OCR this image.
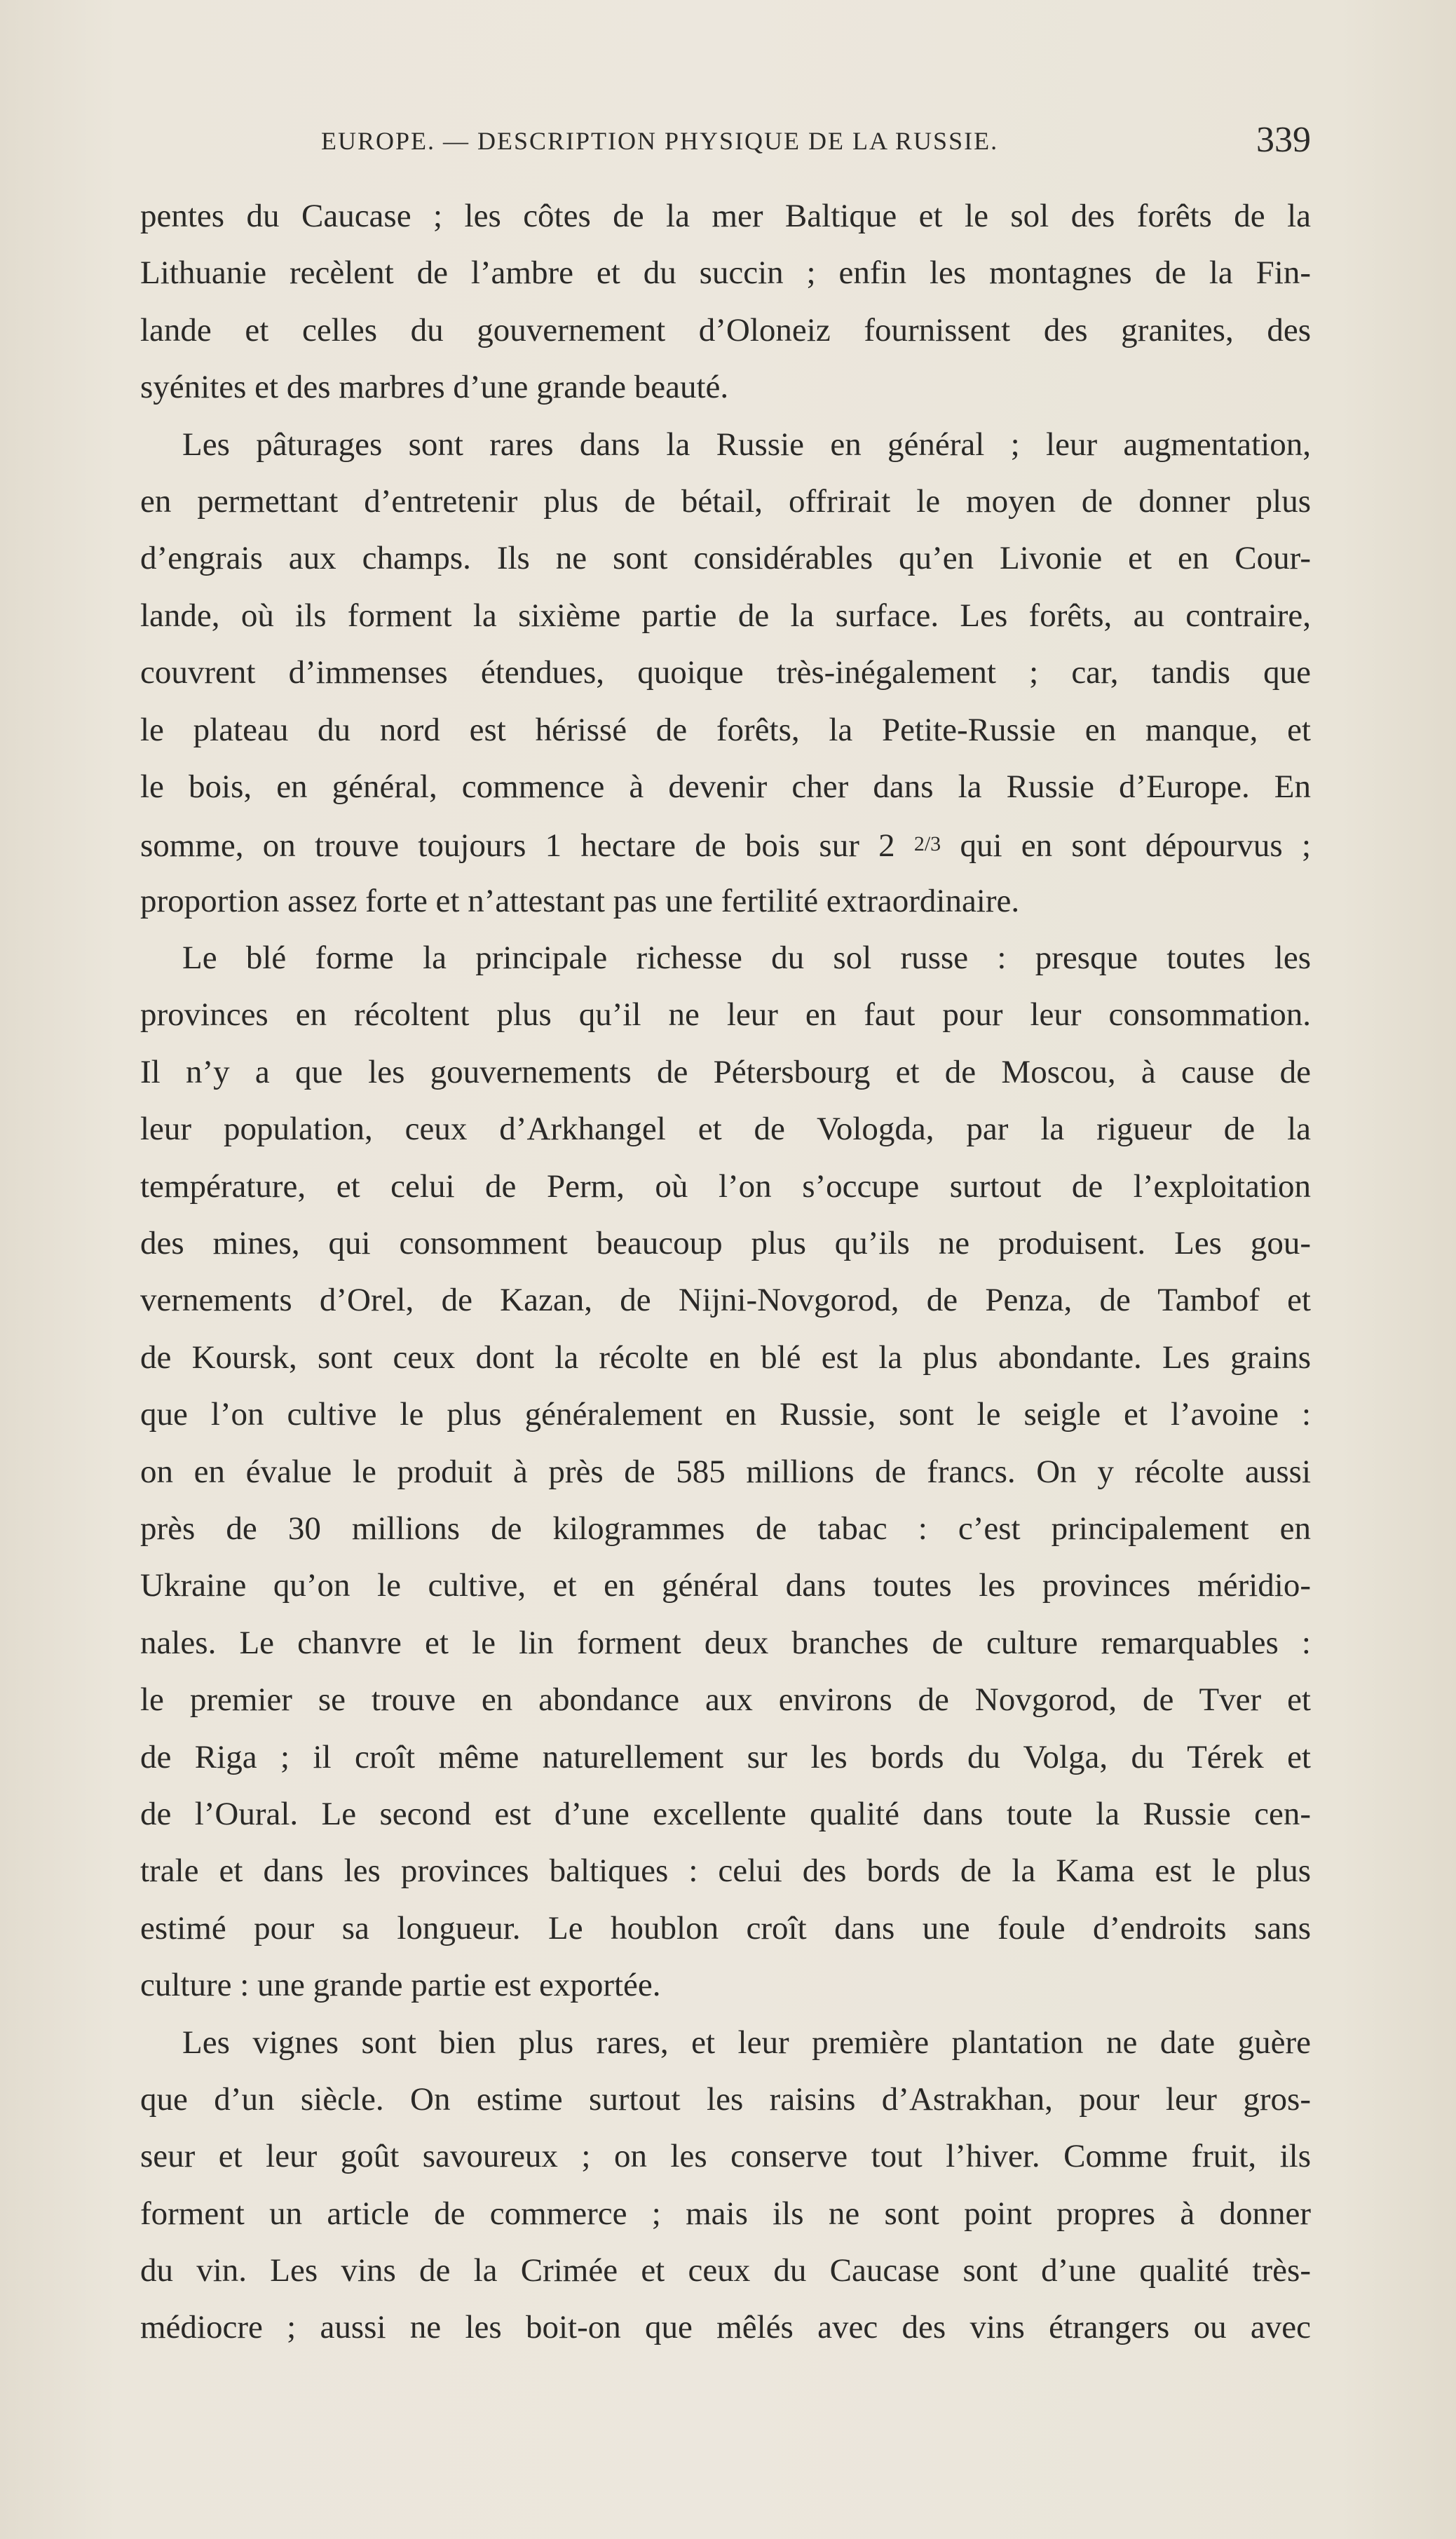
EUROPE. — DESCRIPTION PHYSIQUE DE LA RUSSIE.	339
pentes du Caucase ; les côtes de la mer Baltique et le sol des forêts de la
Lithuanie recèlent de l’ambre et du succin ; enfin les montagnes de la Fin-
lande et celles du gouvernement d’Oloneiz fournissent des granites, des
syénites et des marbres d’une grande beauté.
Les pâturages sont rares dans la Russie en général ; leur augmentation,
en permettant d’entretenir plus de bétail, offrirait le moyen de donner plus
d’engrais aux champs. Ils ne sont considérables qu’en Livonie et en Cour-
lande, où ils forment la sixième partie de la surface. Les forêts, au contraire,
couvrent d’immenses étendues, quoique très-inégalement ; car, tandis que
le plateau du nord est hérissé de forêts, la Petite-Russie en manque, et
le bois, en général, commence à devenir cher dans la Russie d’Europe. En
somme, on trouve toujours 1 hectare de bois sur 2 2/3 qui en sont dépourvus ;
proportion assez forte et n’attestant pas une fertilité extraordinaire.
Le blé forme la principale richesse du sol russe : presque toutes les
provinces en récoltent plus qu’il ne leur en faut pour leur consommation.
Il n’y a que les gouvernements de Pétersbourg et de Moscou, à cause de
leur population, ceux d’Arkhangel et de Vologda, par la rigueur de la
température, et celui de Perm, où l’on s’occupe surtout de l’exploitation
des mines, qui consomment beaucoup plus qu’ils ne produisent. Les gou-
vernements d’Orel, de Kazan, de Nijni-Novgorod, de Penza, de Tambof et
de Koursk, sont ceux dont la récolte en blé est la plus abondante. Les grains
que l’on cultive le plus généralement en Russie, sont le seigle et l’avoine :
on en évalue le produit à près de 585 millions de francs. On y récolte aussi
près de 30 millions de kilogrammes de tabac : c’est principalement en
Ukraine qu’on le cultive, et en général dans toutes les provinces méridio-
nales. Le chanvre et le lin forment deux branches de culture remarquables :
le premier se trouve en abondance aux environs de Novgorod, de Tver et
de Riga ; il croît même naturellement sur les bords du Volga, du Térek et
de l’Oural. Le second est d’une excellente qualité dans toute la Russie cen-
trale et dans les provinces baltiques : celui des bords de la Kama est le plus
estimé pour sa longueur. Le houblon croît dans une foule d’endroits sans
culture : une grande partie est exportée.
Les vignes sont bien plus rares, et leur première plantation ne date guère
que d’un siècle. On estime surtout les raisins d’Astrakhan, pour leur gros-
seur et leur goût savoureux ; on les conserve tout l’hiver. Comme fruit, ils
forment un article de commerce ; mais ils ne sont point propres à donner
du vin. Les vins de la Crimée et ceux du Caucase sont d’une qualité très-
médiocre ; aussi ne les boit-on que mêlés avec des vins étrangers ou avec
